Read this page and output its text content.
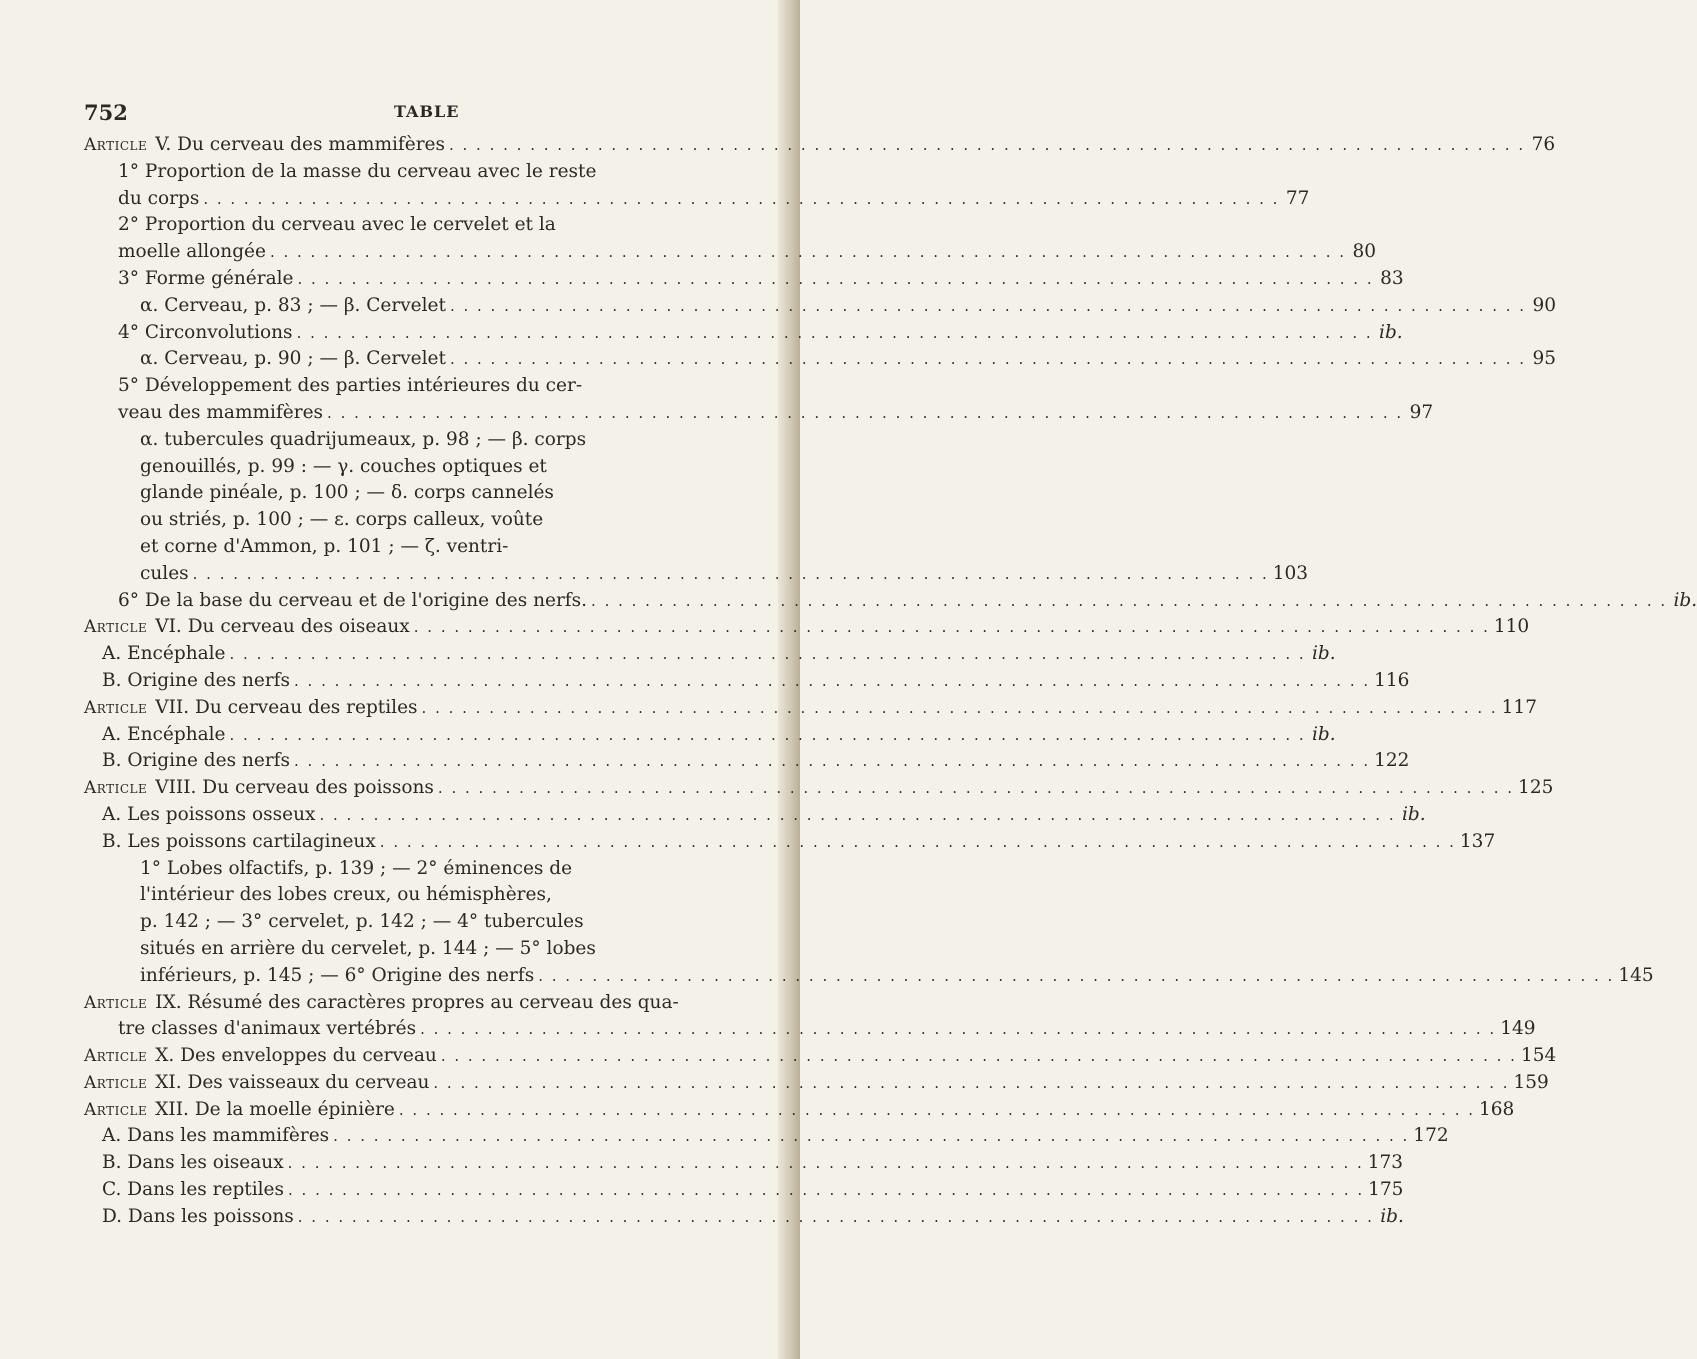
752	TABLE
Article V. Du cerveau des mammifères . . . . . . . . . . . . . . . . . . . . . . . . . . . . . . . . . . . . . . . . . . . . . . . . . . . . . . . . . . . . . . . . . . . . . . . . . . . . . . . . 76
1° Proportion de la masse du cerveau avec le reste
du corps . . . . . . . . . . . . . . . . . . . . . . . . . . . . . . . . . . . . . . . . . . . . . . . . . . . . . . . . . . . . . . . . . . . . . . . . . . . . . . . . 77
2° Proportion du cerveau avec le cervelet et la
moelle allongée . . . . . . . . . . . . . . . . . . . . . . . . . . . . . . . . . . . . . . . . . . . . . . . . . . . . . . . . . . . . . . . . . . . . . . . . . . . . . . . . 80
3° Forme générale . . . . . . . . . . . . . . . . . . . . . . . . . . . . . . . . . . . . . . . . . . . . . . . . . . . . . . . . . . . . . . . . . . . . . . . . . . . . . . . . 83
α. Cerveau, p. 83 ; — β. Cervelet . . . . . . . . . . . . . . . . . . . . . . . . . . . . . . . . . . . . . . . . . . . . . . . . . . . . . . . . . . . . . . . . . . . . . . . . . . . . . . . . 90
4° Circonvolutions . . . . . . . . . . . . . . . . . . . . . . . . . . . . . . . . . . . . . . . . . . . . . . . . . . . . . . . . . . . . . . . . . . . . . . . . . . . . . . . . ib.
α. Cerveau, p. 90 ; — β. Cervelet . . . . . . . . . . . . . . . . . . . . . . . . . . . . . . . . . . . . . . . . . . . . . . . . . . . . . . . . . . . . . . . . . . . . . . . . . . . . . . . . 95
5° Développement des parties intérieures du cer-
veau des mammifères . . . . . . . . . . . . . . . . . . . . . . . . . . . . . . . . . . . . . . . . . . . . . . . . . . . . . . . . . . . . . . . . . . . . . . . . . . . . . . . . 97
α. tubercules quadrijumeaux, p. 98 ; — β. corps
genouillés, p. 99 : — γ. couches optiques et
glande pinéale, p. 100 ; — δ. corps cannelés
ou striés, p. 100 ; — ε. corps calleux, voûte
et corne d'Ammon, p. 101 ; — ζ. ventri-
cules . . . . . . . . . . . . . . . . . . . . . . . . . . . . . . . . . . . . . . . . . . . . . . . . . . . . . . . . . . . . . . . . . . . . . . . . . . . . . . . . 103
6° De la base du cerveau et de l'origine des nerfs. . . . . . . . . . . . . . . . . . . . . . . . . . . . . . . . . . . . . . . . . . . . . . . . . . . . . . . . . . . . . . . . . . . . . . . . . . . . . . . . . ib.
Article VI. Du cerveau des oiseaux . . . . . . . . . . . . . . . . . . . . . . . . . . . . . . . . . . . . . . . . . . . . . . . . . . . . . . . . . . . . . . . . . . . . . . . . . . . . . . . . 110
A. Encéphale . . . . . . . . . . . . . . . . . . . . . . . . . . . . . . . . . . . . . . . . . . . . . . . . . . . . . . . . . . . . . . . . . . . . . . . . . . . . . . . . ib.
B. Origine des nerfs . . . . . . . . . . . . . . . . . . . . . . . . . . . . . . . . . . . . . . . . . . . . . . . . . . . . . . . . . . . . . . . . . . . . . . . . . . . . . . . . 116
Article VII. Du cerveau des reptiles . . . . . . . . . . . . . . . . . . . . . . . . . . . . . . . . . . . . . . . . . . . . . . . . . . . . . . . . . . . . . . . . . . . . . . . . . . . . . . . . 117
A. Encéphale . . . . . . . . . . . . . . . . . . . . . . . . . . . . . . . . . . . . . . . . . . . . . . . . . . . . . . . . . . . . . . . . . . . . . . . . . . . . . . . . ib.
B. Origine des nerfs . . . . . . . . . . . . . . . . . . . . . . . . . . . . . . . . . . . . . . . . . . . . . . . . . . . . . . . . . . . . . . . . . . . . . . . . . . . . . . . . 122
Article VIII. Du cerveau des poissons . . . . . . . . . . . . . . . . . . . . . . . . . . . . . . . . . . . . . . . . . . . . . . . . . . . . . . . . . . . . . . . . . . . . . . . . . . . . . . . . 125
A. Les poissons osseux . . . . . . . . . . . . . . . . . . . . . . . . . . . . . . . . . . . . . . . . . . . . . . . . . . . . . . . . . . . . . . . . . . . . . . . . . . . . . . . . ib.
B. Les poissons cartilagineux . . . . . . . . . . . . . . . . . . . . . . . . . . . . . . . . . . . . . . . . . . . . . . . . . . . . . . . . . . . . . . . . . . . . . . . . . . . . . . . . 137
1° Lobes olfactifs, p. 139 ; — 2° éminences de
l'intérieur des lobes creux, ou hémisphères,
p. 142 ; — 3° cervelet, p. 142 ; — 4° tubercules
situés en arrière du cervelet, p. 144 ; — 5° lobes
inférieurs, p. 145 ; — 6° Origine des nerfs . . . . . . . . . . . . . . . . . . . . . . . . . . . . . . . . . . . . . . . . . . . . . . . . . . . . . . . . . . . . . . . . . . . . . . . . . . . . . . . . 145
Article IX. Résumé des caractères propres au cerveau des qua-
tre classes d'animaux vertébrés . . . . . . . . . . . . . . . . . . . . . . . . . . . . . . . . . . . . . . . . . . . . . . . . . . . . . . . . . . . . . . . . . . . . . . . . . . . . . . . . 149
Article X. Des enveloppes du cerveau . . . . . . . . . . . . . . . . . . . . . . . . . . . . . . . . . . . . . . . . . . . . . . . . . . . . . . . . . . . . . . . . . . . . . . . . . . . . . . . . 154
Article XI. Des vaisseaux du cerveau . . . . . . . . . . . . . . . . . . . . . . . . . . . . . . . . . . . . . . . . . . . . . . . . . . . . . . . . . . . . . . . . . . . . . . . . . . . . . . . . 159
Article XII. De la moelle épinière . . . . . . . . . . . . . . . . . . . . . . . . . . . . . . . . . . . . . . . . . . . . . . . . . . . . . . . . . . . . . . . . . . . . . . . . . . . . . . . . 168
A. Dans les mammifères . . . . . . . . . . . . . . . . . . . . . . . . . . . . . . . . . . . . . . . . . . . . . . . . . . . . . . . . . . . . . . . . . . . . . . . . . . . . . . . . 172
B. Dans les oiseaux . . . . . . . . . . . . . . . . . . . . . . . . . . . . . . . . . . . . . . . . . . . . . . . . . . . . . . . . . . . . . . . . . . . . . . . . . . . . . . . . 173
C. Dans les reptiles . . . . . . . . . . . . . . . . . . . . . . . . . . . . . . . . . . . . . . . . . . . . . . . . . . . . . . . . . . . . . . . . . . . . . . . . . . . . . . . . 175
D. Dans les poissons . . . . . . . . . . . . . . . . . . . . . . . . . . . . . . . . . . . . . . . . . . . . . . . . . . . . . . . . . . . . . . . . . . . . . . . . . . . . . . . . ib.
